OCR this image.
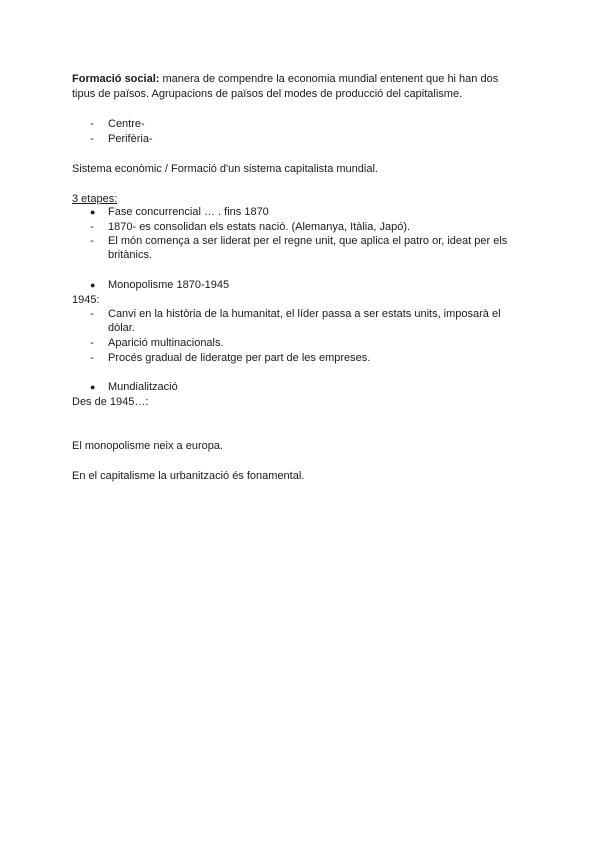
Formació social: manera de compendre la economia mundial entenent que hi han dos
tipus de països. Agrupacions de països del modes de producció del capitalisme.
- Centre-
- Perifèria-
Sistema econòmic / Formació d'un sistema capitalista mundial.
3 etapes:
● Fase concurrencial … . fins 1870
- 1870- es consolidan els estats nació. (Alemanya, Itàlia, Japó).
- El món comença a ser liderat per el regne unit, que aplica el patro or, ideat per els
britànics.
● Monopolisme 1870-1945
1945:
- Canvi en la història de la humanitat, el líder passa a ser estats units, imposarà el
dòlar.
- Aparició multinacionals.
- Procés gradual de lideratge per part de les empreses.
● Mundialització
Des de 1945…:
El monopolisme neix a europa.
En el capitalisme la urbanització és fonamental.
